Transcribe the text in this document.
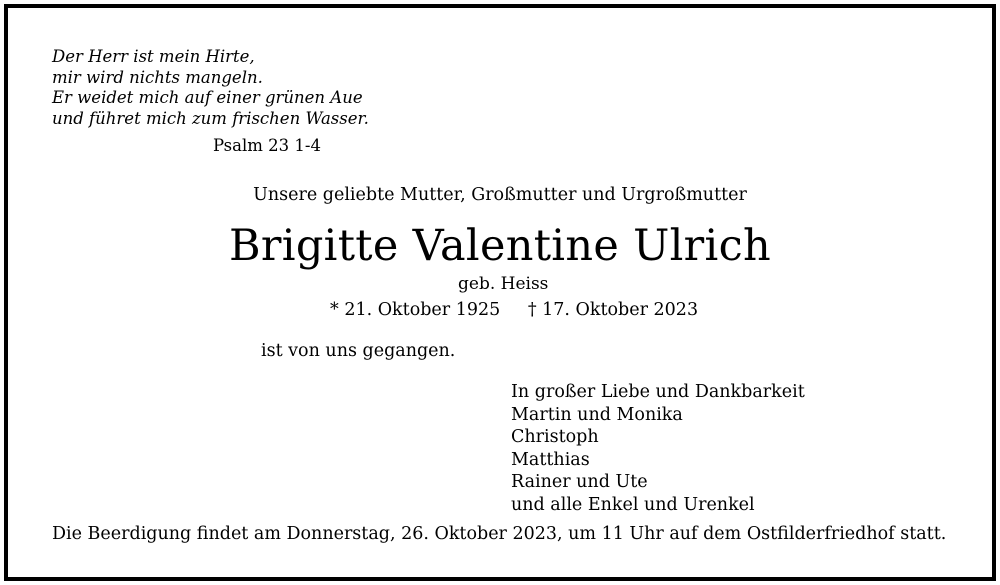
Der Herr ist mein Hirte,
mir wird nichts mangeln.
Er weidet mich auf einer grünen Aue
und führet mich zum frischen Wasser.
Psalm 23 1-4
Unsere geliebte Mutter, Großmutter und Urgroßmutter
Brigitte Valentine Ulrich
geb. Heiss
* 21. Oktober 1925 † 17. Oktober 2023
ist von uns gegangen.
In großer Liebe und Dankbarkeit
Martin und Monika
Christoph
Matthias
Rainer und Ute
und alle Enkel und Urenkel
Die Beerdigung findet am Donnerstag, 26. Oktober 2023, um 11 Uhr auf dem Ostfilderfriedhof statt.
